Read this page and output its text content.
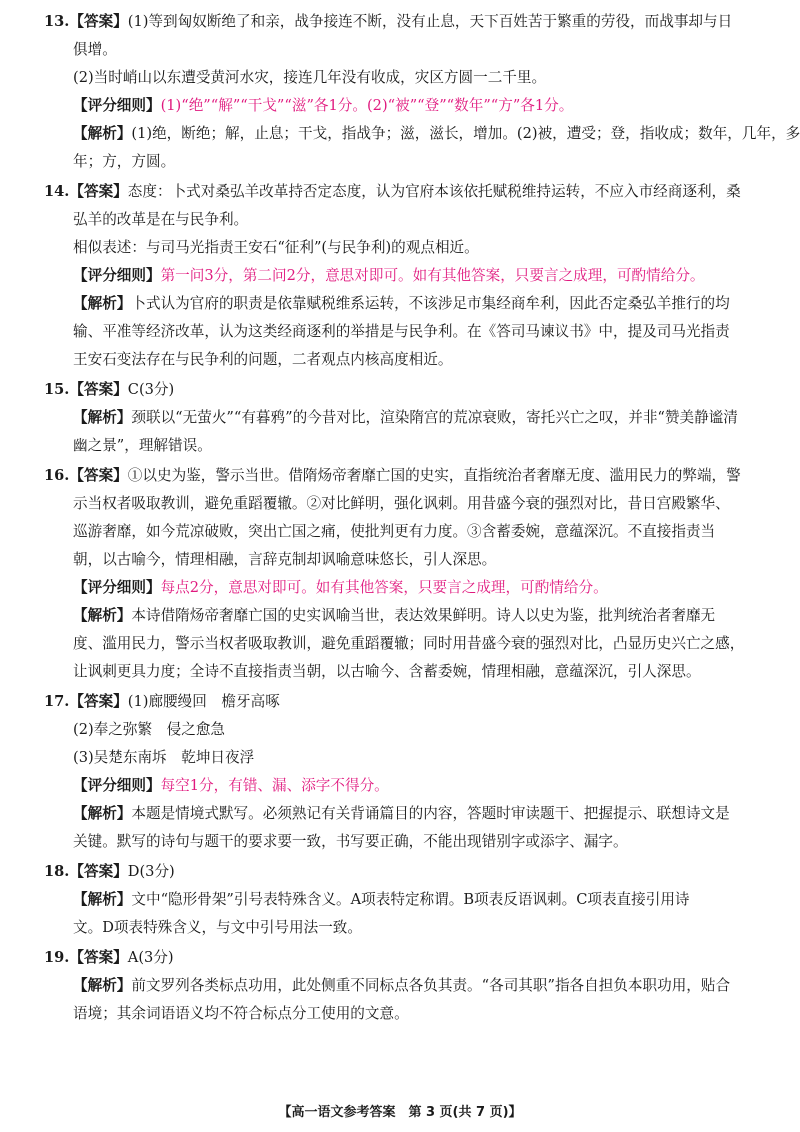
13.【答案】(1)等到匈奴断绝了和亲，战争接连不断，没有止息，天下百姓苦于繁重的劳役，而战事却与日
俱增。
(2)当时峭山以东遭受黄河水灾，接连几年没有收成，灾区方圆一二千里。
【评分细则】(1)“绝”“解”“干戈”“滋”各1分。(2)“被”“登”“数年”“方”各1分。
【解析】(1)绝，断绝；解，止息；干戈，指战争；滋，滋长，增加。(2)被，遭受；登，指收成；数年，几年，多
年；方，方圆。
14.【答案】态度：卜式对桑弘羊改革持否定态度，认为官府本该依托赋税维持运转，不应入市经商逐利，桑
弘羊的改革是在与民争利。
相似表述：与司马光指责王安石“征利”(与民争利)的观点相近。
【评分细则】第一问3分，第二问2分，意思对即可。如有其他答案，只要言之成理，可酌情给分。
【解析】卜式认为官府的职责是依靠赋税维系运转，不该涉足市集经商牟利，因此否定桑弘羊推行的均
输、平准等经济改革，认为这类经商逐利的举措是与民争利。在《答司马谏议书》中，提及司马光指责
王安石变法存在与民争利的问题，二者观点内核高度相近。
15.【答案】C(3分)
【解析】颈联以“无萤火”“有暮鸦”的今昔对比，渲染隋宫的荒凉衰败，寄托兴亡之叹，并非“赞美静谧清
幽之景”，理解错误。
16.【答案】①以史为鉴，警示当世。借隋炀帝奢靡亡国的史实，直指统治者奢靡无度、滥用民力的弊端，警
示当权者吸取教训，避免重蹈覆辙。②对比鲜明，强化讽刺。用昔盛今衰的强烈对比，昔日宫殿繁华、
巡游奢靡，如今荒凉破败，突出亡国之痛，使批判更有力度。③含蓄委婉，意蕴深沉。不直接指责当
朝，以古喻今，情理相融，言辞克制却讽喻意味悠长，引人深思。
【评分细则】每点2分，意思对即可。如有其他答案，只要言之成理，可酌情给分。
【解析】本诗借隋炀帝奢靡亡国的史实讽喻当世，表达效果鲜明。诗人以史为鉴，批判统治者奢靡无
度、滥用民力，警示当权者吸取教训，避免重蹈覆辙；同时用昔盛今衰的强烈对比，凸显历史兴亡之感，
让讽刺更具力度；全诗不直接指责当朝，以古喻今、含蓄委婉，情理相融，意蕴深沉，引人深思。
17.【答案】(1)廊腰缦回　檐牙高啄
(2)奉之弥繁　侵之愈急
(3)吴楚东南坼　乾坤日夜浮
【评分细则】每空1分，有错、漏、添字不得分。
【解析】本题是情境式默写。必须熟记有关背诵篇目的内容，答题时审读题干、把握提示、联想诗文是
关键。默写的诗句与题干的要求要一致，书写要正确，不能出现错别字或添字、漏字。
18.【答案】D(3分)
【解析】文中“隐形骨架”引号表特殊含义。A项表特定称谓。B项表反语讽刺。C项表直接引用诗
文。D项表特殊含义，与文中引号用法一致。
19.【答案】A(3分)
【解析】前文罗列各类标点功用，此处侧重不同标点各负其责。“各司其职”指各自担负本职功用，贴合
语境；其余词语语义均不符合标点分工使用的文意。
【高一语文参考答案　第 3 页(共 7 页)】
